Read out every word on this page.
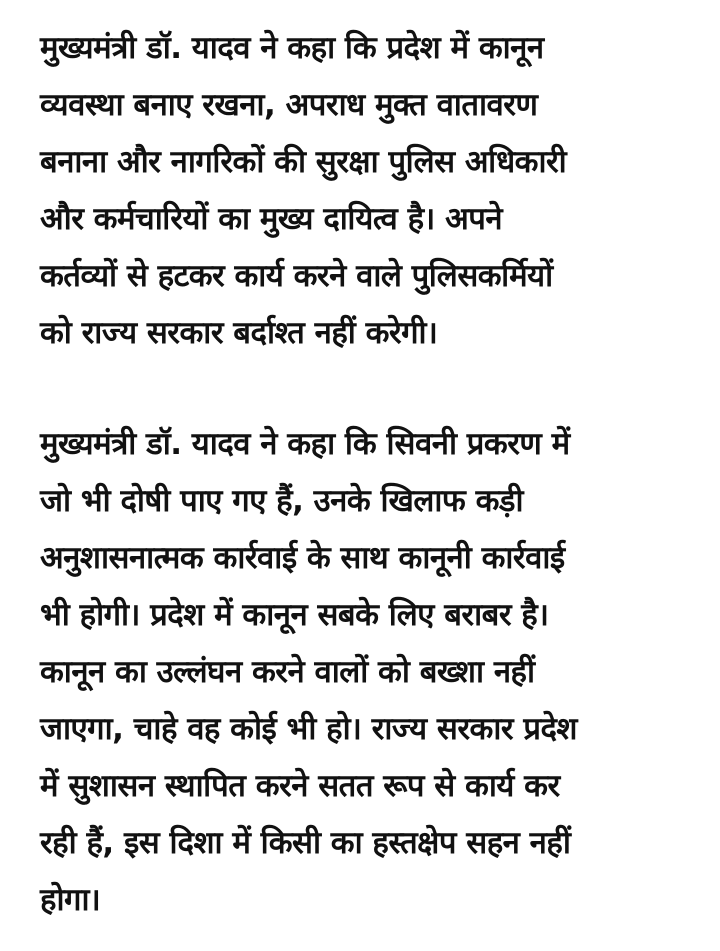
मुख्यमंत्री डॉ. यादव ने कहा कि प्रदेश में कानून
व्यवस्था बनाए रखना, अपराध मुक्त वातावरण
बनाना और नागरिकों की सुरक्षा पुलिस अधिकारी
और कर्मचारियों का मुख्य दायित्व है। अपने
कर्तव्यों से हटकर कार्य करने वाले पुलिसकर्मियों
को राज्य सरकार बर्दाश्त नहीं करेगी।

मुख्यमंत्री डॉ. यादव ने कहा कि सिवनी प्रकरण में
जो भी दोषी पाए गए हैं, उनके खिलाफ कड़ी
अनुशासनात्मक कार्रवाई के साथ कानूनी कार्रवाई
भी होगी। प्रदेश में कानून सबके लिए बराबर है।
कानून का उल्लंघन करने वालों को बख्शा नहीं
जाएगा, चाहे वह कोई भी हो। राज्य सरकार प्रदेश
में सुशासन स्थापित करने सतत रूप से कार्य कर
रही हैं, इस दिशा में किसी का हस्तक्षेप सहन नहीं
होगा।
